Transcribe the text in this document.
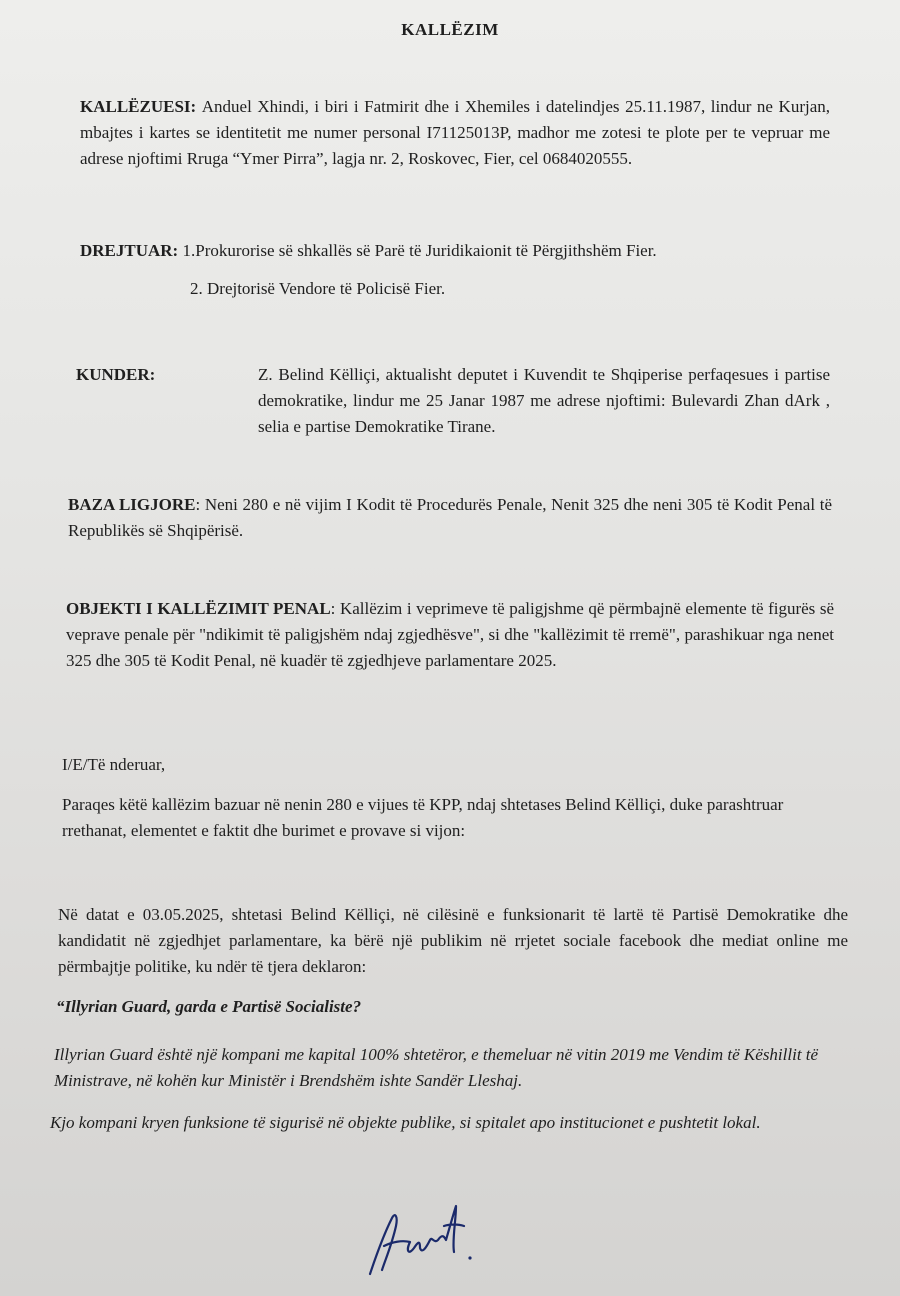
KALLËZIM
KALLËZUESI: Anduel Xhindi, i biri i Fatmirit dhe i Xhemiles i datelindjes 25.11.1987, lindur ne Kurjan, mbajtes i kartes se identitetit me numer personal I71125013P, madhor me zotesi te plote per te vepruar me adrese njoftimi Rruga “Ymer Pirra”, lagja nr. 2, Roskovec, Fier, cel 0684020555.
DREJTUAR: 1.Prokurorise së shkallës së Parë të Juridikaionit të Përgjithshëm Fier.
2. Drejtorisë Vendore të Policisë Fier.
KUNDER:	Z. Belind Këlliçi, aktualisht deputet i Kuvendit te Shqiperise perfaqesues i partise demokratike, lindur me 25 Janar 1987 me adrese njoftimi: Bulevardi Zhan dArk , selia e partise Demokratike Tirane.
BAZA LIGJORE: Neni 280 e në vijim I Kodit të Procedurës Penale, Nenit 325 dhe neni 305 të Kodit Penal të Republikës së Shqipërisë.
OBJEKTI I KALLËZIMIT PENAL: Kallëzim i veprimeve të paligjshme që përmbajnë elemente të figurës së veprave penale për "ndikimit të paligjshëm ndaj zgjedhësve", si dhe "kallëzimit të rremë", parashikuar nga nenet 325 dhe 305 të Kodit Penal, në kuadër të zgjedhjeve parlamentare 2025.
I/E/Të nderuar,
Paraqes këtë kallëzim bazuar në nenin 280 e vijues të KPP, ndaj shtetases Belind Këlliçi, duke parashtruar rrethanat, elementet e faktit dhe burimet e provave si vijon:
Në datat e 03.05.2025, shtetasi Belind Këlliçi, në cilësinë e funksionarit të lartë të Partisë Demokratike dhe kandidatit në zgjedhjet parlamentare, ka bërë një publikim në rrjetet sociale facebook dhe mediat online me përmbajtje politike, ku ndër të tjera deklaron:
“Illyrian Guard, garda e Partisë Socialiste?
Illyrian Guard është një kompani me kapital 100% shtetëror, e themeluar në vitin 2019 me Vendim të Këshillit të Ministrave, në kohën kur Ministër i Brendshëm ishte Sandër Lleshaj.
Kjo kompani kryen funksione të sigurisë në objekte publike, si spitalet apo institucionet e pushtetit lokal.
